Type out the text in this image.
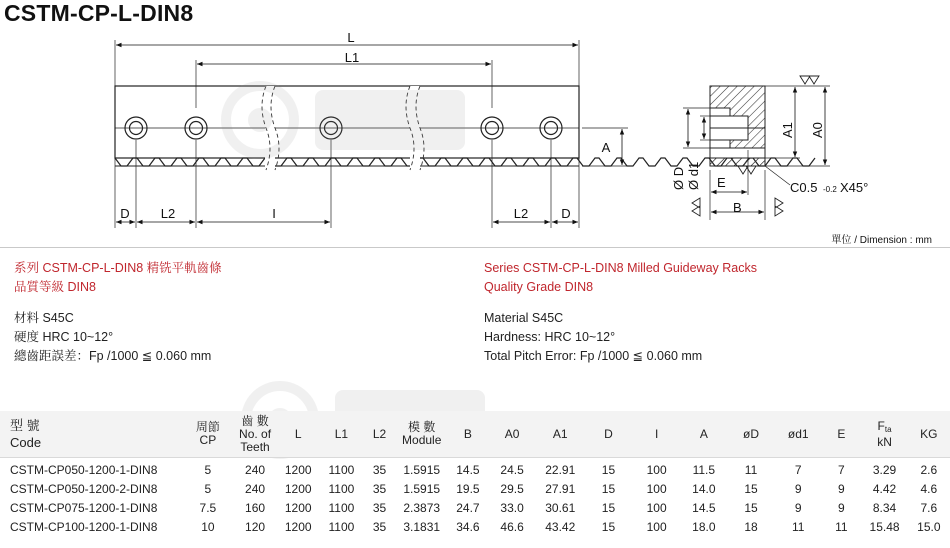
CSTM-CP-L-DIN8
L
L1
A
D L2	I	L2	D
Ø D Ø d1
A1 A0
E
B
C0.5 -0.2 X45°
單位 / Dimension : mm

系列 CSTM-CP-L-DIN8 精铣平軌齒條

品質等級 DIN8

材料 S45C

硬度 HRC 10~12°

總齒距誤差：Fp /1000 ≦ 0.060 mm

Series CSTM-CP-L-DIN8 Milled Guideway Racks

Quality Grade DIN8

Material S45C

Hardness: HRC 10~12°

Total Pitch Error: Fp /1000 ≦ 0.060 mm

型 號
Code	周節
CP	齒 數
No. of
Teeth	L	L1	L2	模 數
Module	B	A0	A1	D	I	A	øD	ød1	E	$F_{ta}$
kN	KG
CSTM-CP050-1200-1-DIN8	5	240	1200	1100	35	1.5915	14.5	24.5	22.91	15	100	11.5	11	7	7	3.29	2.6
CSTM-CP050-1200-2-DIN8	5	240	1200	1100	35	1.5915	19.5	29.5	27.91	15	100	14.0	15	9	9	4.42	4.6
CSTM-CP075-1200-1-DIN8	7.5	160	1200	1100	35	2.3873	24.7	33.0	30.61	15	100	14.5	15	9	9	8.34	7.6
CSTM-CP100-1200-1-DIN8	10	120	1200	1100	35	3.1831	34.6	46.6	43.42	15	100	18.0	18	11	11	15.48	15.0
